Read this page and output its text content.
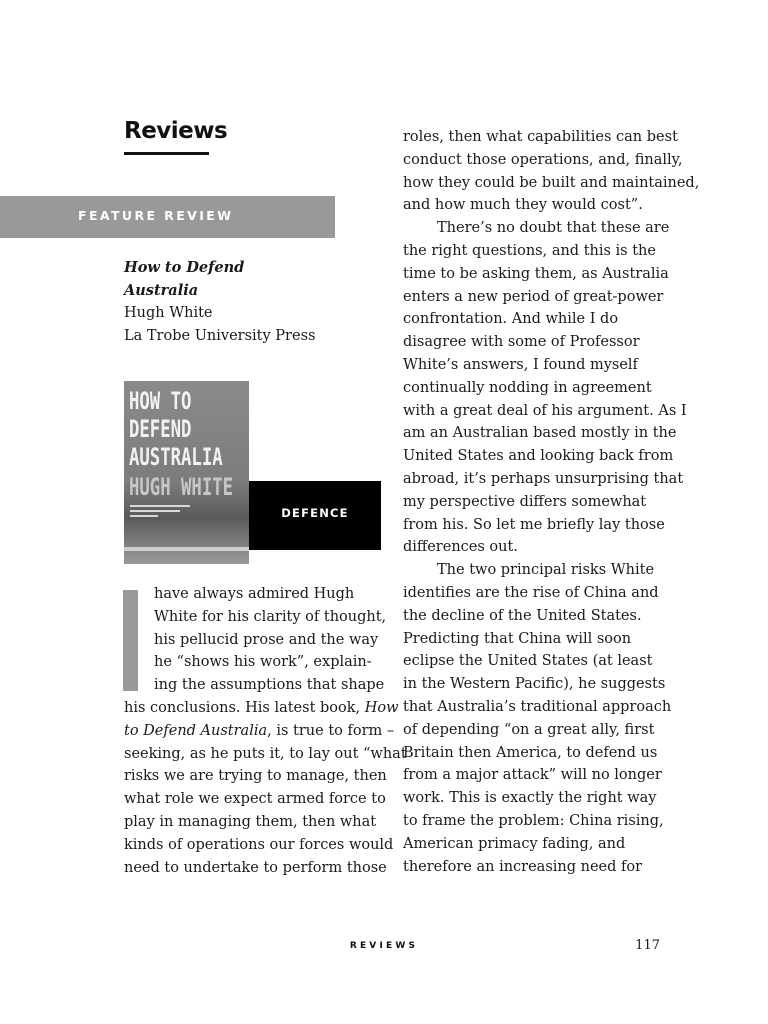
Reviews
FEATURE REVIEW
How to Defend
Australia
Hugh White
La Trobe University Press
HOW TO
DEFEND
AUSTRALIA
HUGH WHITE
DEFENCE
have always admired Hugh
White for his clarity of thought,
his pellucid prose and the way
he “shows his work”, explain-
ing the assumptions that shape
his conclusions. His latest book, How
to Defend Australia, is true to form –
seeking, as he puts it, to lay out “what
risks we are trying to manage, then
what role we expect armed force to
play in managing them, then what
kinds of operations our forces would
need to undertake to perform those
roles, then what capabilities can best
conduct those operations, and, finally,
how they could be built and maintained,
and how much they would cost”.
There’s no doubt that these are
the right questions, and this is the
time to be asking them, as Australia
enters a new period of great-power
confrontation. And while I do
disagree with some of Professor
White’s answers, I found myself
continually nodding in agreement
with a great deal of his argument. As I
am an Australian based mostly in the
United States and looking back from
abroad, it’s perhaps unsurprising that
my perspective differs somewhat
from his. So let me briefly lay those
differences out.
The two principal risks White
identifies are the rise of China and
the decline of the United States.
Predicting that China will soon
eclipse the United States (at least
in the Western Pacific), he suggests
that Australia’s traditional approach
of depending “on a great ally, first
Britain then America, to defend us
from a major attack” will no longer
work. This is exactly the right way
to frame the problem: China rising,
American primacy fading, and
therefore an increasing need for
REVIEWS	117
